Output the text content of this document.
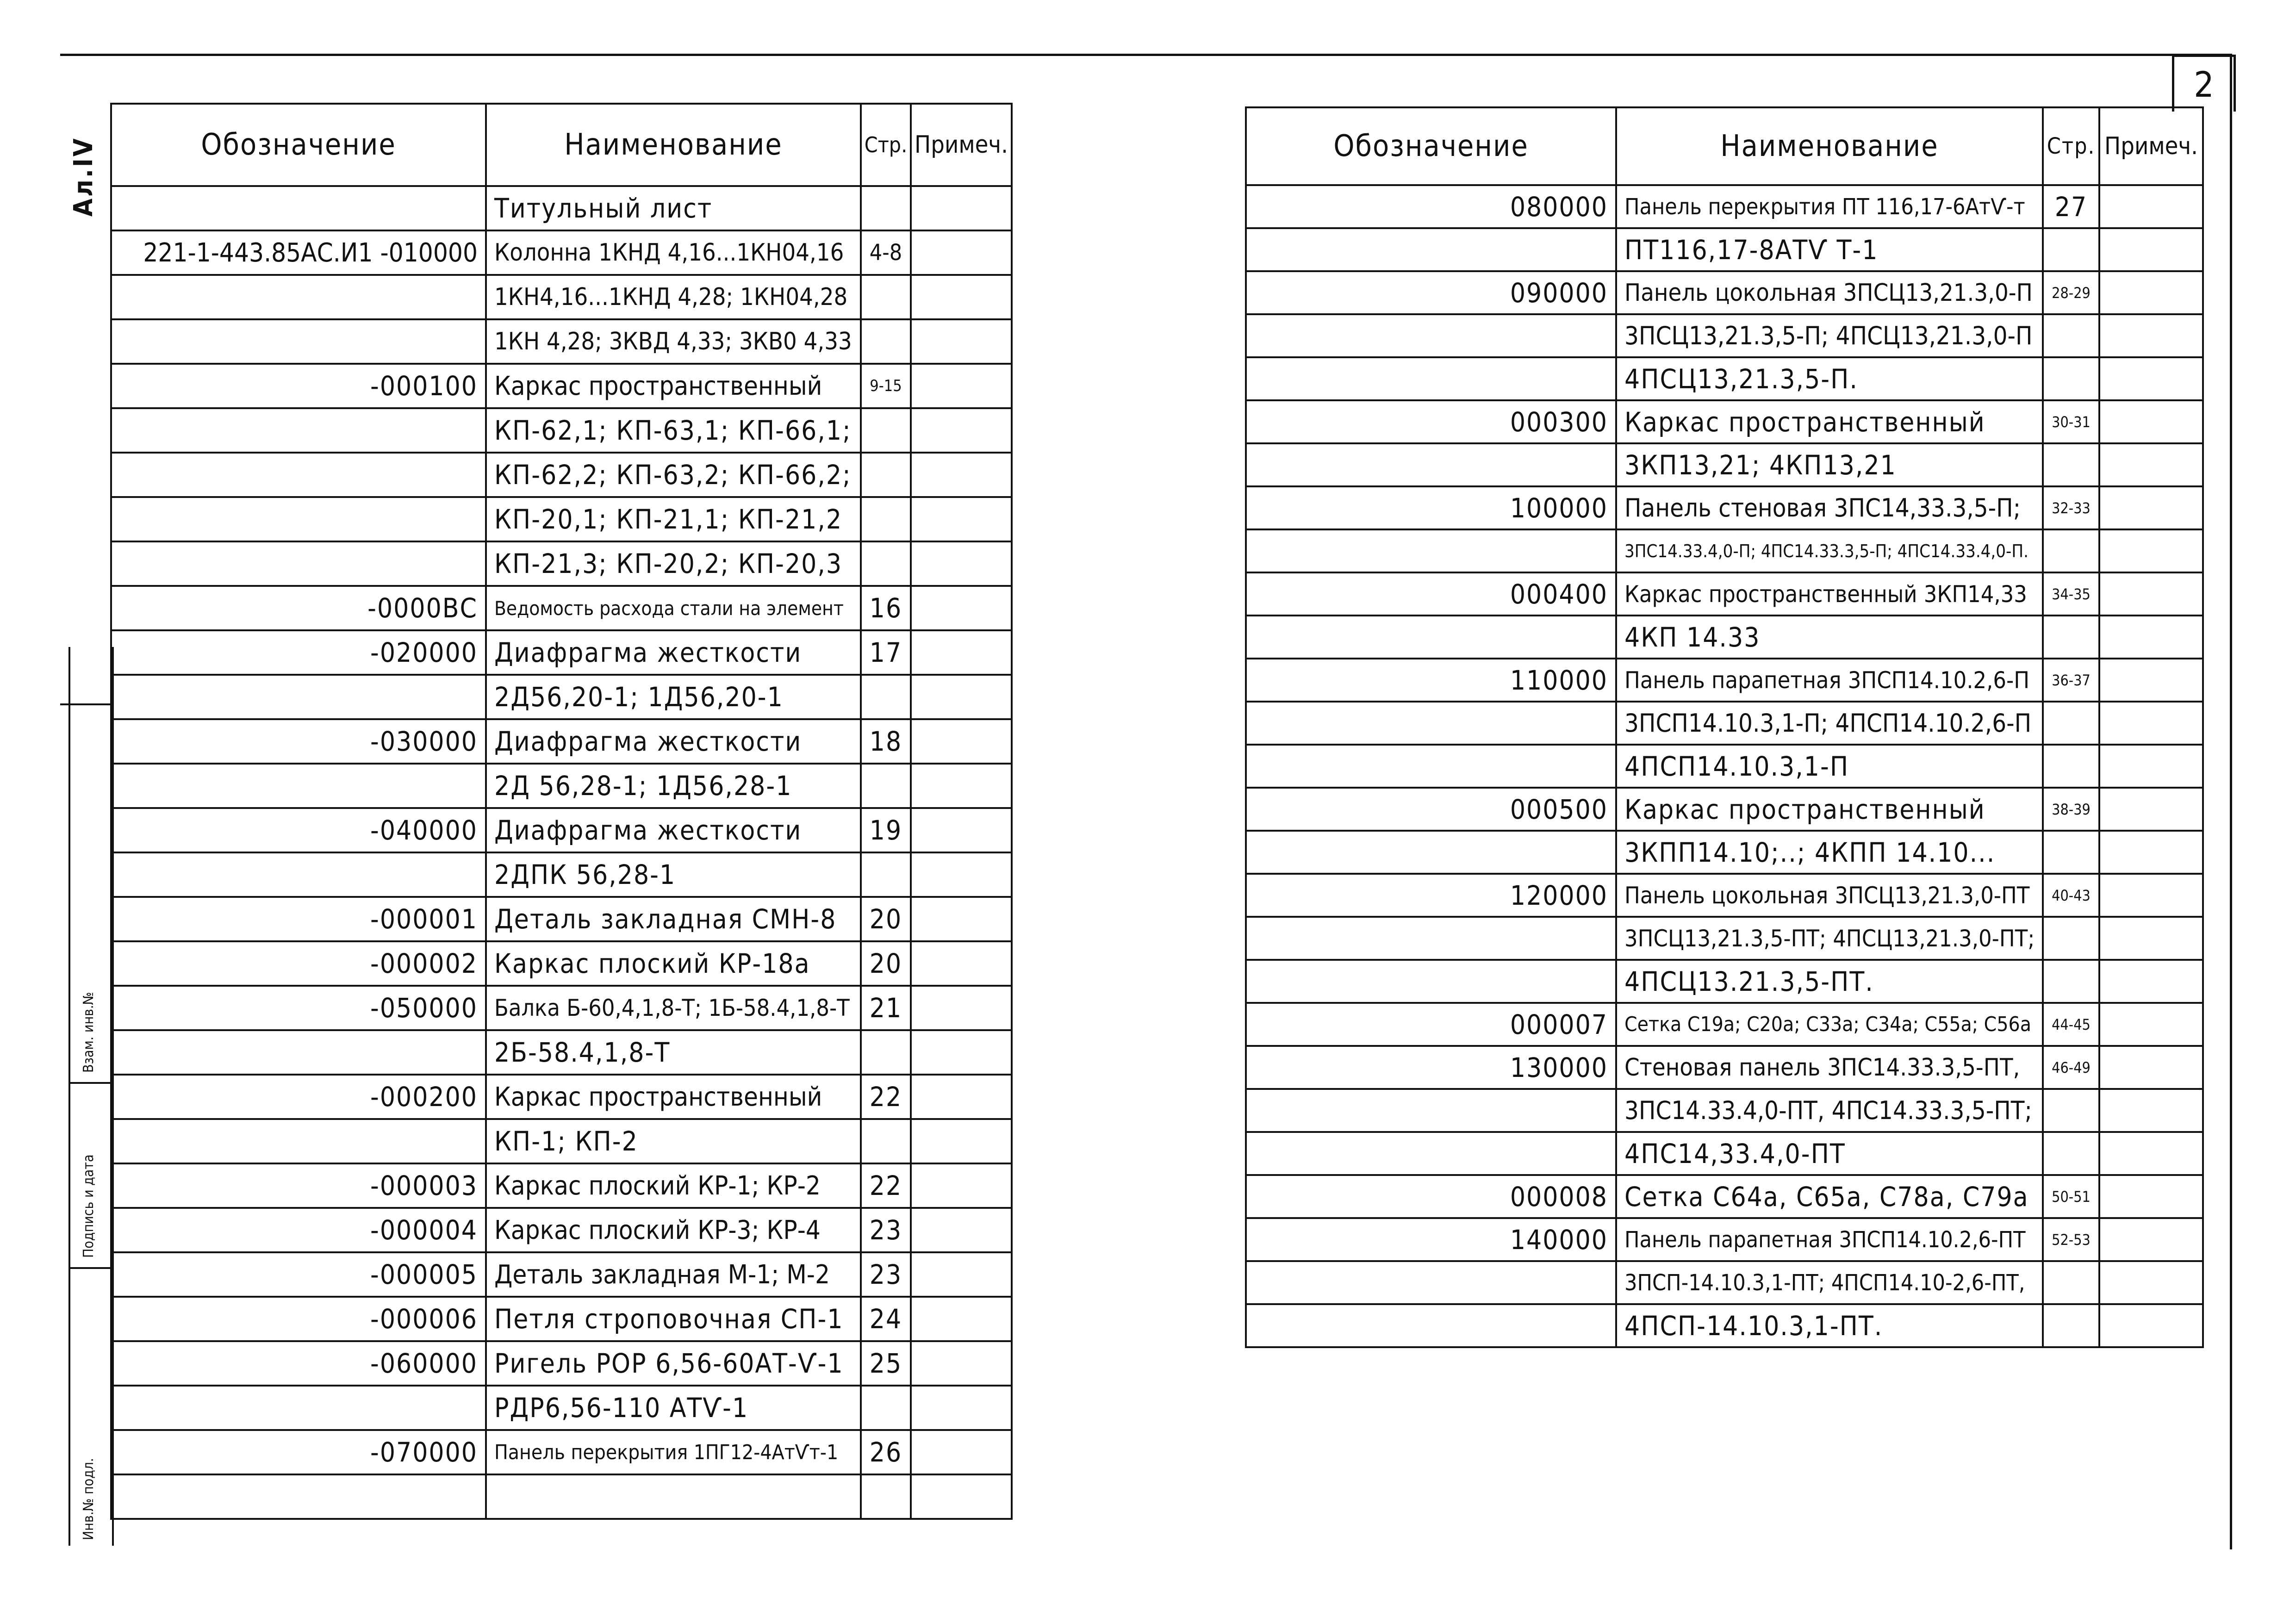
2
Ал.IV
Инв.№ подл.
Подпись и дата
Взам. инв.№
Обозначение	Наименование	Стр.	Примеч.
	Титульный лист		
221-1-443.85АС.И1 -010000	Колонна 1КНД 4,16...1КН04,16	4-8	
	1КН4,16...1КНД 4,28; 1КН04,28		
	1КН 4,28; 3КВД 4,33; 3КВ0 4,33		
-000100	Каркас пространственный	9-15	
	КП-62,1; КП-63,1; КП-66,1;		
	КП-62,2; КП-63,2; КП-66,2;		
	КП-20,1; КП-21,1; КП-21,2		
	КП-21,3; КП-20,2; КП-20,3		
-0000ВС	Ведомость расхода стали на элемент	16	
-020000	Диафрагма жесткости	17	
	2Д56,20-1; 1Д56,20-1		
-030000	Диафрагма жесткости	18	
	2Д 56,28-1; 1Д56,28-1		
-040000	Диафрагма жесткости	19	
	2ДПК 56,28-1		
-000001	Деталь закладная СМН-8	20	
-000002	Каркас плоский КР-18а	20	
-050000	Балка Б-60,4,1,8-Т; 1Б-58.4,1,8-Т	21	
	2Б-58.4,1,8-Т		
-000200	Каркас пространственный	22	
	КП-1; КП-2		
-000003	Каркас плоский КР-1; КР-2	22	
-000004	Каркас плоский КР-3; КР-4	23	
-000005	Деталь закладная М-1; М-2	23	
-000006	Петля строповочная СП-1	24	
-060000	Ригель РОР 6,56-60АТ-Ѵ-1	25	
	РДР6,56-110 АТѴ-1		
-070000	Панель перекрытия 1ПГ12-4АтѴт-1	26	

Обозначение	Наименование	Стр.	Примеч.
080000	Панель перекрытия ПТ 116,17-6АтѴ-т	27	
	ПТ116,17-8АТѴ Т-1		
090000	Панель цокольная 3ПСЦ13,21.3,0-П	28-29	
	3ПСЦ13,21.3,5-П; 4ПСЦ13,21.3,0-П		
	4ПСЦ13,21.3,5-П.		
000300	Каркас пространственный	30-31	
	3КП13,21; 4КП13,21		
100000	Панель стеновая 3ПС14,33.3,5-П;	32-33	
	3ПС14.33.4,0-П; 4ПС14.33.3,5-П; 4ПС14.33.4,0-П.		
000400	Каркас пространственный 3КП14,33	34-35	
	4КП 14.33		
110000	Панель парапетная 3ПСП14.10.2,6-П	36-37	
	3ПСП14.10.3,1-П; 4ПСП14.10.2,6-П		
	4ПСП14.10.3,1-П		
000500	Каркас пространственный	38-39	
	3КПП14.10;..; 4КПП 14.10...		
120000	Панель цокольная 3ПСЦ13,21.3,0-ПТ	40-43	
	3ПСЦ13,21.3,5-ПТ; 4ПСЦ13,21.3,0-ПТ;		
	4ПСЦ13.21.3,5-ПТ.		
000007	Сетка С19а; С20а; С33а; С34а; С55а; С56а	44-45	
130000	Стеновая панель 3ПС14.33.3,5-ПТ,	46-49	
	3ПС14.33.4,0-ПТ, 4ПС14.33.3,5-ПТ;		
	4ПС14,33.4,0-ПТ		
000008	Сетка С64а, С65а, С78а, С79а	50-51	
140000	Панель парапетная 3ПСП14.10.2,6-ПТ	52-53	
	3ПСП-14.10.3,1-ПТ; 4ПСП14.10-2,6-ПТ,		
	4ПСП-14.10.3,1-ПТ.		
